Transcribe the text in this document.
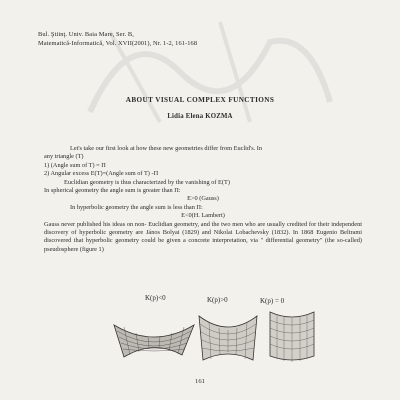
Bul. Ştiinţ. Univ. Baia Mare, Ser. B,
Matematică-Informatică, Vol. XVII(2001), Nr. 1-2, 161-168
ABOUT VISUAL COMPLEX FUNCTIONS
Lidia Elena KOZMA

Let's take our first look at how these new geometries differ from Euclid's. In

any triangle (T)

1) (Angle sum of T) = Π

2) Angular excess E(T)=(Angle sum of T) -Π

Euclidian geometry is thus characterized by the vanishing of E(T)

In spherical geometry the angle sum is greater than Π:

E>0 (Gauss)

In hyperbolic geometry the angle sum is less than Π:

E<0(H. Lambert)

Gauss never published his ideas on non- Euclidian geometry, and the two men who are usually credited for their independent discovery of hyperbolic geometry are János Bolyai (1829) and Nikolai Lobachevsky (1832). In 1868 Eugenio Beltrami discovered that hyperbolic geometry could be given a concrete interpretation, via " differential geometry" (the so-called) pseudosphere (figure 1)

K(p)<0	K(p)>0	K(p) = 0
161
